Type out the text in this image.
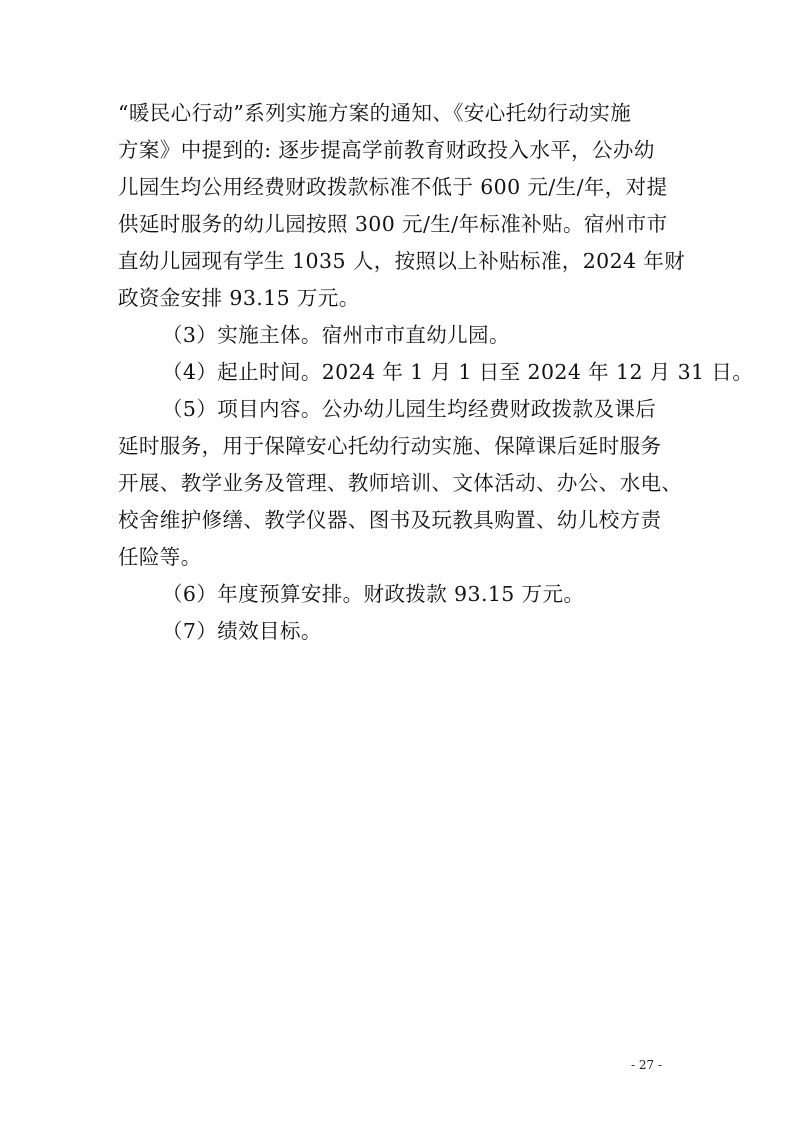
“暖民心行动”系列实施方案的通知、《安心托幼行动实施
方案》中提到的: 逐步提高学前教育财政投入水平，公办幼
儿园生均公用经费财政拨款标准不低于 600 元/生/年，对提
供延时服务的幼儿园按照 300 元/生/年标准补贴。宿州市市
直幼儿园现有学生 1035 人，按照以上补贴标准，2024 年财
政资金安排 93.15 万元。
（3）实施主体。宿州市市直幼儿园。
（4）起止时间。2024 年 1 月 1 日至 2024 年 12 月 31 日。
（5）项目内容。公办幼儿园生均经费财政拨款及课后
延时服务，用于保障安心托幼行动实施、保障课后延时服务
开展、教学业务及管理、教师培训、文体活动、办公、水电、
校舍维护修缮、教学仪器、图书及玩教具购置、幼儿校方责
任险等。
（6）年度预算安排。财政拨款 93.15 万元。
（7）绩效目标。
- 27 -
